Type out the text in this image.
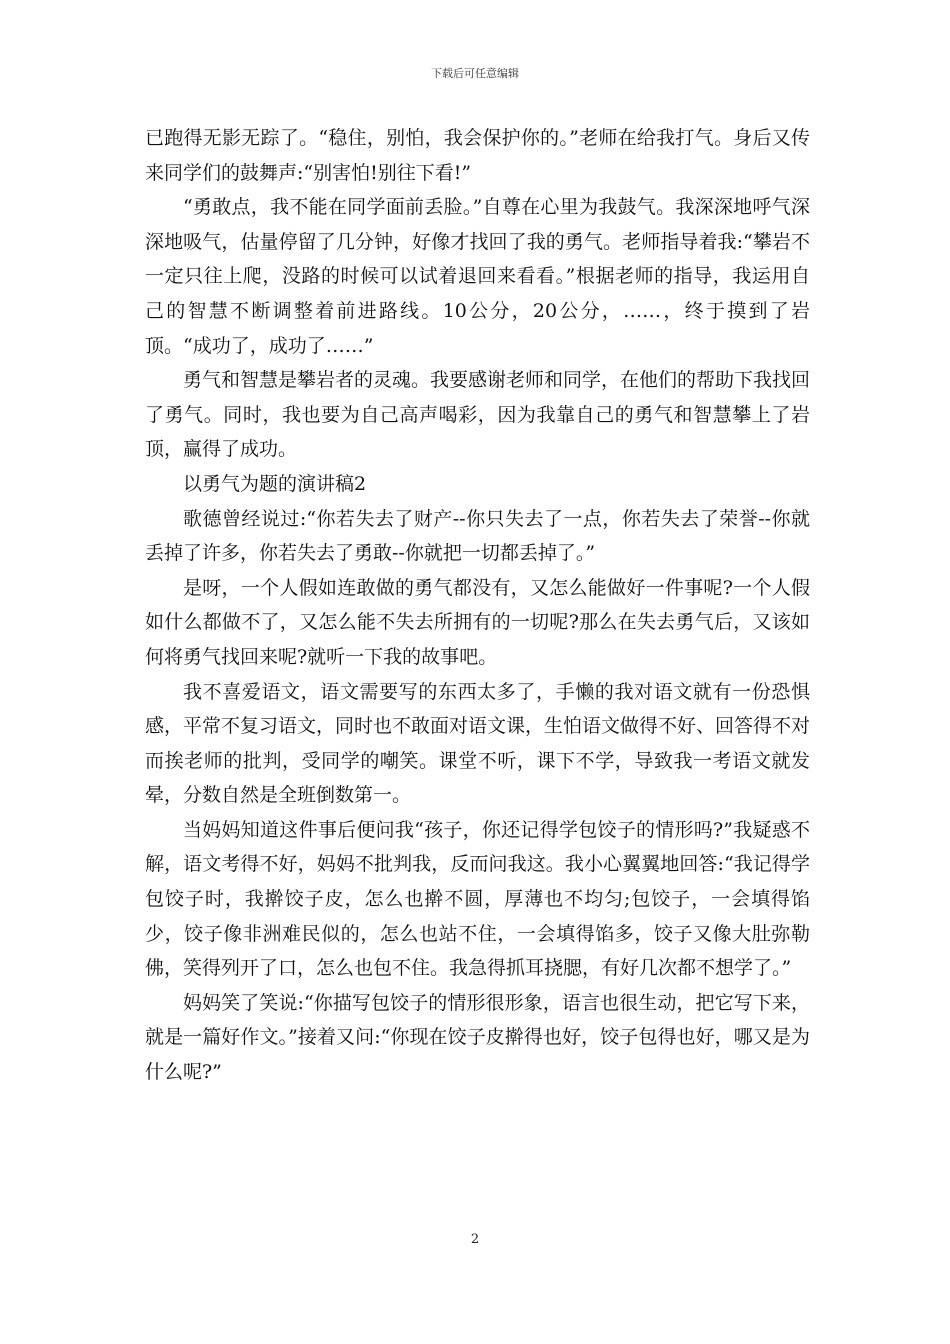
下载后可任意编辑

已跑得无影无踪了。“稳住，别怕，我会保护你的。”老师在给我打气。身后又传来同学们的鼓舞声:“别害怕!别往下看!”

“勇敢点，我不能在同学面前丢脸。”自尊在心里为我鼓气。我深深地呼气深深地吸气，估量停留了几分钟，好像才找回了我的勇气。老师指导着我:“攀岩不一定只往上爬，没路的时候可以试着退回来看看。”根据老师的指导，我运用自己的智慧不断调整着前进路线。10公分，20公分，……，终于摸到了岩顶。“成功了，成功了……”

勇气和智慧是攀岩者的灵魂。我要感谢老师和同学，在他们的帮助下我找回了勇气。同时，我也要为自己高声喝彩，因为我靠自己的勇气和智慧攀上了岩顶，赢得了成功。

以勇气为题的演讲稿2

歌德曾经说过:“你若失去了财产--你只失去了一点，你若失去了荣誉--你就丢掉了许多，你若失去了勇敢--你就把一切都丢掉了。”

是呀，一个人假如连敢做的勇气都没有，又怎么能做好一件事呢?一个人假如什么都做不了，又怎么能不失去所拥有的一切呢?那么在失去勇气后，又该如何将勇气找回来呢?就听一下我的故事吧。

我不喜爱语文，语文需要写的东西太多了，手懒的我对语文就有一份恐惧感，平常不复习语文，同时也不敢面对语文课，生怕语文做得不好、回答得不对而挨老师的批判，受同学的嘲笑。课堂不听，课下不学，导致我一考语文就发晕，分数自然是全班倒数第一。

当妈妈知道这件事后便问我“孩子，你还记得学包饺子的情形吗?”我疑惑不解，语文考得不好，妈妈不批判我，反而问我这。我小心翼翼地回答:“我记得学包饺子时，我擀饺子皮，怎么也擀不圆，厚薄也不均匀;包饺子，一会填得馅少，饺子像非洲难民似的，怎么也站不住，一会填得馅多，饺子又像大肚弥勒佛，笑得列开了口，怎么也包不住。我急得抓耳挠腮，有好几次都不想学了。”

妈妈笑了笑说:“你描写包饺子的情形很形象，语言也很生动，把它写下来，就是一篇好作文。”接着又问:“你现在饺子皮擀得也好，饺子包得也好，哪又是为什么呢?”

2
